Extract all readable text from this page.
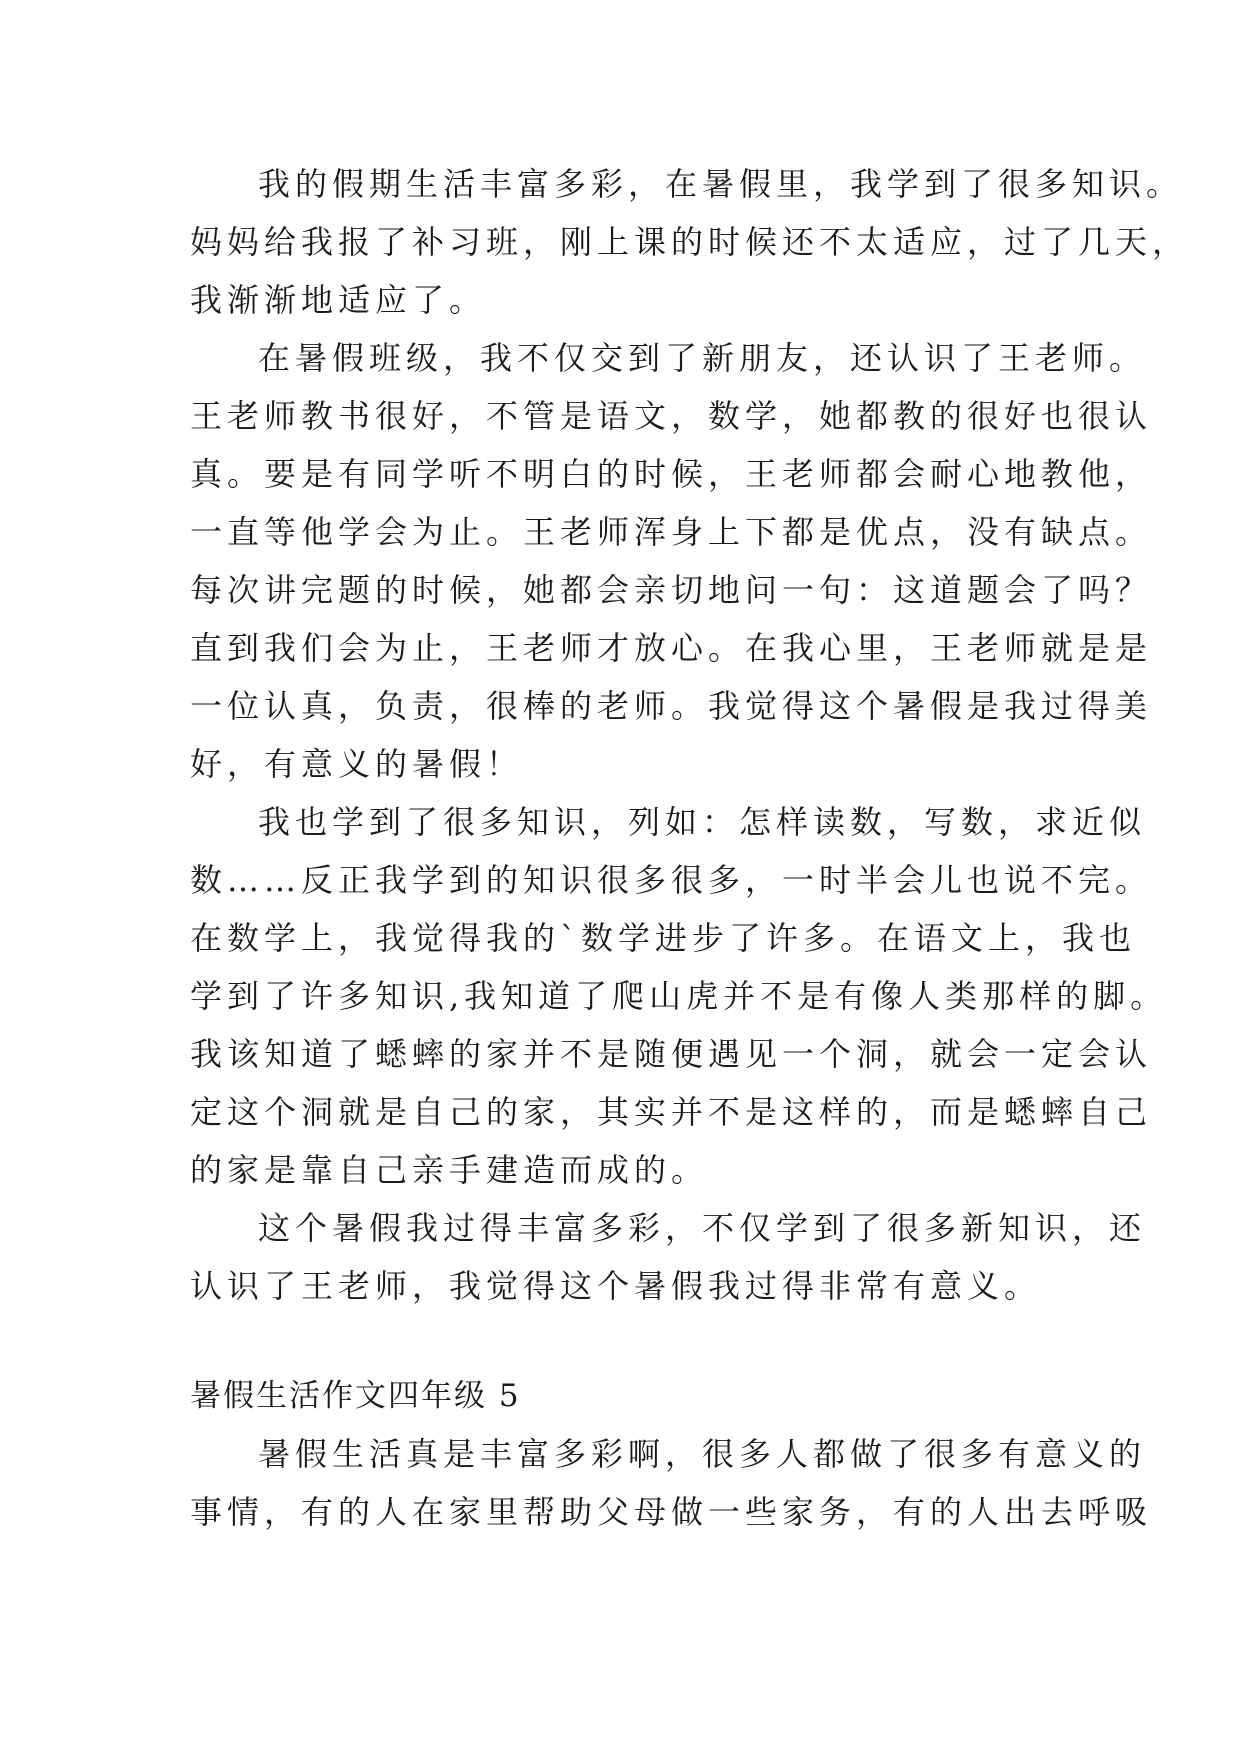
我的假期生活丰富多彩，在暑假里，我学到了很多知识。
妈妈给我报了补习班，刚上课的时候还不太适应，过了几天，
我渐渐地适应了。
在暑假班级，我不仅交到了新朋友，还认识了王老师。
王老师教书很好，不管是语文，数学，她都教的很好也很认
真。要是有同学听不明白的时候，王老师都会耐心地教他，
一直等他学会为止。王老师浑身上下都是优点，没有缺点。
每次讲完题的时候，她都会亲切地问一句：这道题会了吗？
直到我们会为止，王老师才放心。在我心里，王老师就是是
一位认真，负责，很棒的老师。我觉得这个暑假是我过得美
好，有意义的暑假！
我也学到了很多知识，列如：怎样读数，写数，求近似
数……反正我学到的知识很多很多，一时半会儿也说不完。
在数学上，我觉得我的`数学进步了许多。在语文上，我也
学到了许多知识,我知道了爬山虎并不是有像人类那样的脚。
我该知道了蟋蟀的家并不是随便遇见一个洞，就会一定会认
定这个洞就是自己的家，其实并不是这样的，而是蟋蟀自己
的家是靠自己亲手建造而成的。
这个暑假我过得丰富多彩，不仅学到了很多新知识，还
认识了王老师，我觉得这个暑假我过得非常有意义。
暑假生活作文四年级 5
暑假生活真是丰富多彩啊，很多人都做了很多有意义的
事情，有的人在家里帮助父母做一些家务，有的人出去呼吸
